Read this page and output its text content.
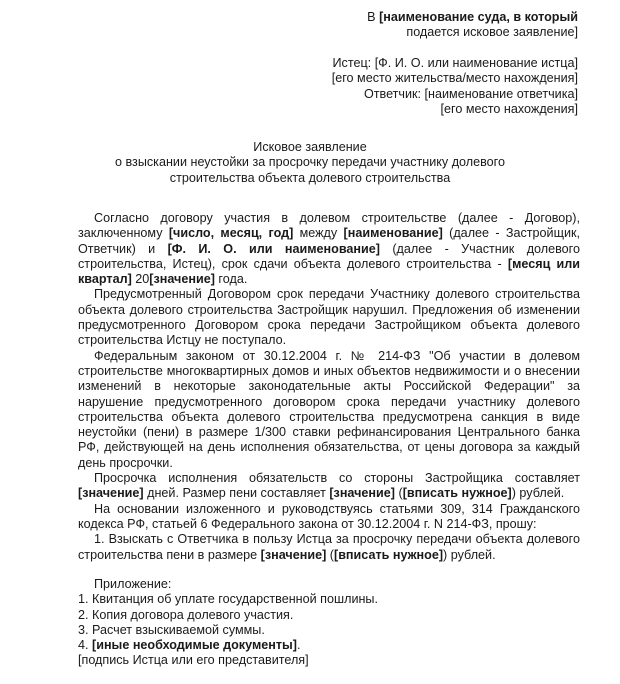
В [наименование суда, в который
подается исковое заявление]
Истец: [Ф. И. О. или наименование истца]
[его место жительства/место нахождения]
Ответчик: [наименование ответчика]
[его место нахождения]
Исковое заявление
о взыскании неустойки за просрочку передачи участнику долевого
строительства объекта долевого строительства

Согласно договору участия в долевом строительстве (далее - Договор), заключенному [число, месяц, год] между [наименование] (далее - Застройщик, Ответчик) и [Ф. И. О. или наименование] (далее - Участник долевого строительства, Истец), срок сдачи объекта долевого строительства - [месяц или квартал] 20[значение] года.

Предусмотренный Договором срок передачи Участнику долевого строительства объекта долевого строительства Застройщик нарушил. Предложения об изменении предусмотренного Договором срока передачи Застройщиком объекта долевого строительства Истцу не поступало.

Федеральным законом от 30.12.2004 г. № 214-ФЗ "Об участии в долевом строительстве многоквартирных домов и иных объектов недвижимости и о внесении изменений в некоторые законодательные акты Российской Федерации" за нарушение предусмотренного договором срока передачи участнику долевого строительства объекта долевого строительства предусмотрена санкция в виде неустойки (пени) в размере 1/300 ставки рефинансирования Центрального банка РФ, действующей на день исполнения обязательства, от цены договора за каждый день просрочки.

Просрочка исполнения обязательств со стороны Застройщика составляет [значение] дней. Размер пени составляет [значение] ([вписать нужное]) рублей.

На основании изложенного и руководствуясь статьями 309, 314 Гражданского кодекса РФ, статьей 6 Федерального закона от 30.12.2004 г. N 214-ФЗ, прошу:

1. Взыскать с Ответчика в пользу Истца за просрочку передачи объекта долевого строительства пени в размере [значение] ([вписать нужное]) рублей.

Приложение:
1. Квитанция об уплате государственной пошлины.
2. Копия договора долевого участия.
3. Расчет взыскиваемой суммы.
4. [иные необходимые документы].
[подпись Истца или его представителя]
